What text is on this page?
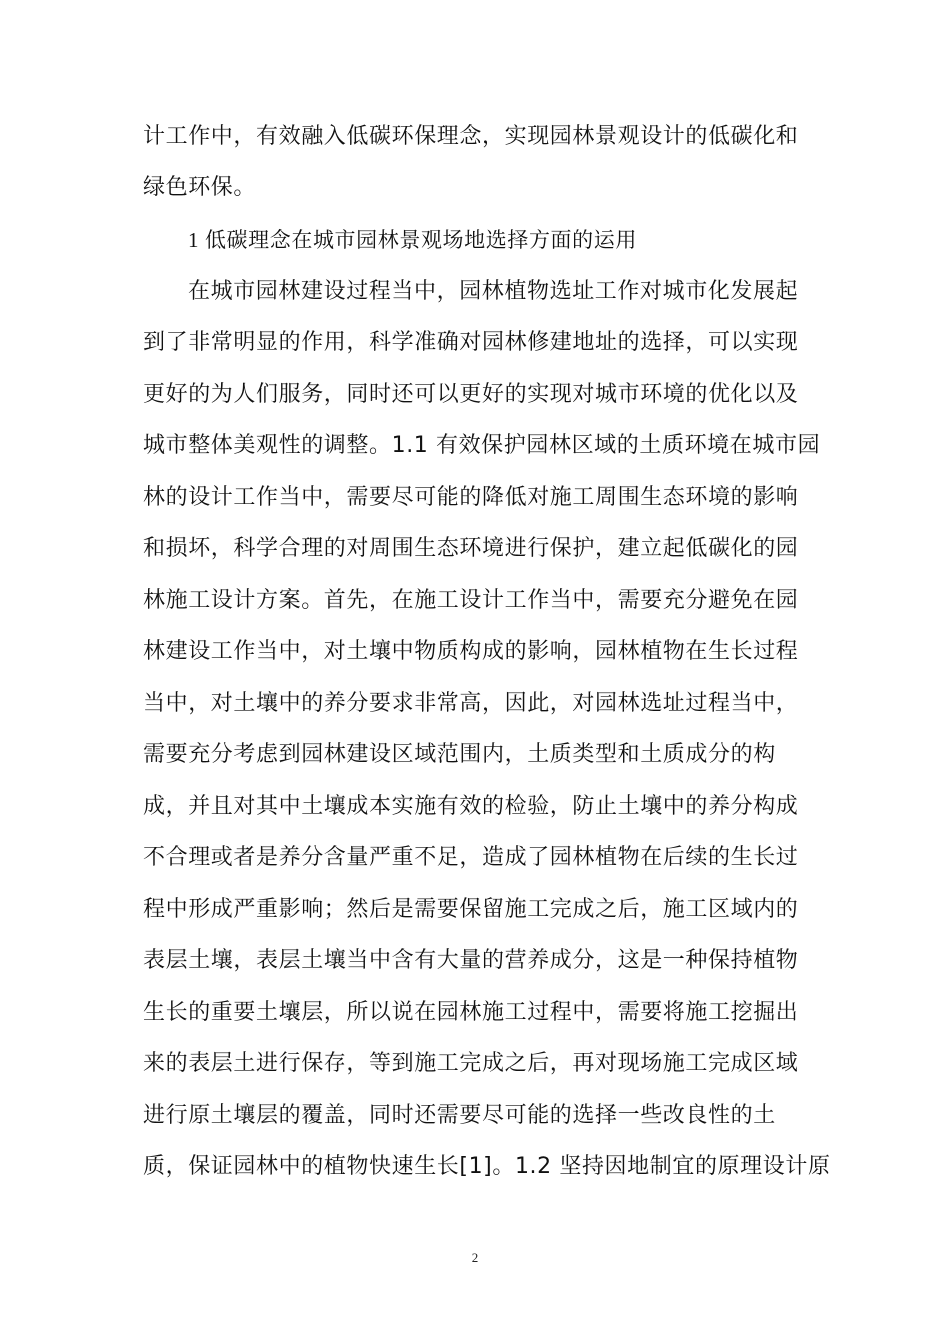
计工作中，有效融入低碳环保理念，实现园林景观设计的低碳化和
绿色环保。
1 低碳理念在城市园林景观场地选择方面的运用
在城市园林建设过程当中，园林植物选址工作对城市化发展起
到了非常明显的作用，科学准确对园林修建地址的选择，可以实现
更好的为人们服务，同时还可以更好的实现对城市环境的优化以及
城市整体美观性的调整。1.1 有效保护园林区域的土质环境在城市园
林的设计工作当中，需要尽可能的降低对施工周围生态环境的影响
和损坏，科学合理的对周围生态环境进行保护，建立起低碳化的园
林施工设计方案。首先，在施工设计工作当中，需要充分避免在园
林建设工作当中，对土壤中物质构成的影响，园林植物在生长过程
当中，对土壤中的养分要求非常高，因此，对园林选址过程当中，
需要充分考虑到园林建设区域范围内，土质类型和土质成分的构
成，并且对其中土壤成本实施有效的检验，防止土壤中的养分构成
不合理或者是养分含量严重不足，造成了园林植物在后续的生长过
程中形成严重影响；然后是需要保留施工完成之后，施工区域内的
表层土壤，表层土壤当中含有大量的营养成分，这是一种保持植物
生长的重要土壤层，所以说在园林施工过程中，需要将施工挖掘出
来的表层土进行保存，等到施工完成之后，再对现场施工完成区域
进行原土壤层的覆盖，同时还需要尽可能的选择一些改良性的土
质，保证园林中的植物快速生长[1]。1.2 坚持因地制宜的原理设计原
2
